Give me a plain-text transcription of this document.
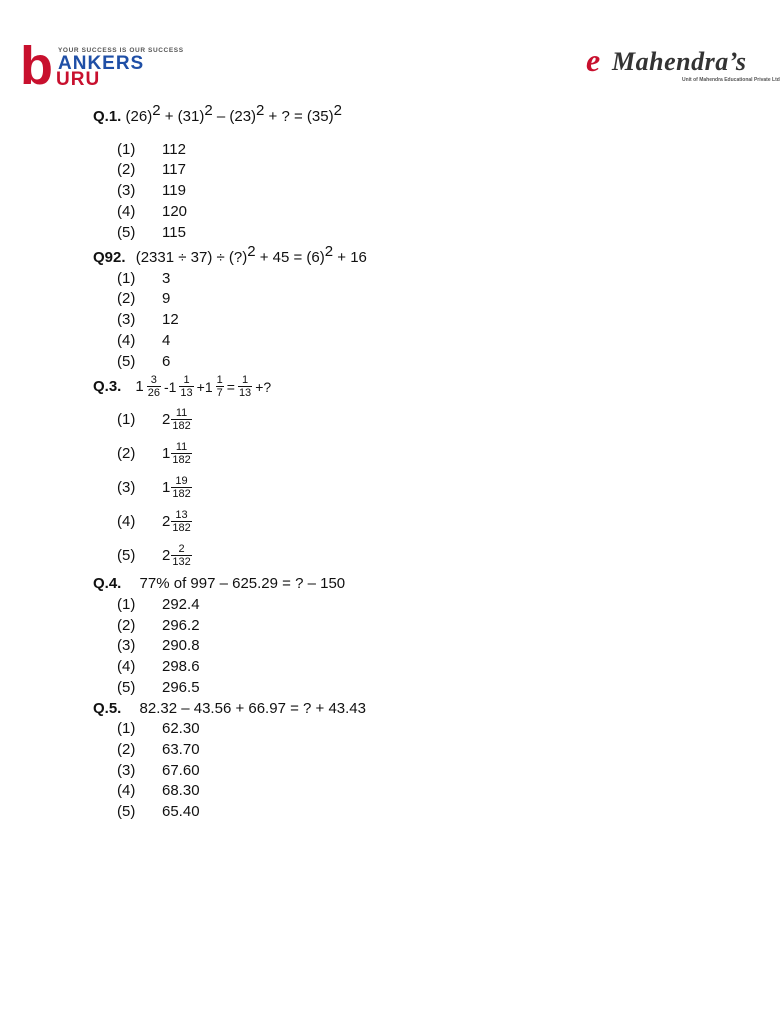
b YOUR SUCCESS IS OUR SUCCESS
ANKERS
URU
e Mahendra’s
Unit of Mahendra Educational Private Ltd
Q.1. $(26)^2 + (31)^2 - (23)^2$ + ? = $(35)^2$
(1) 112
(2) 117
(3) 119
(4) 120
(5) 115
Q92. (2331 ÷ 37) ÷ (?)$^2$ + $45 = (6)^2 + 16$
(1) 3
(2) 9
(3) 12
(4) 4
(5) 6
Q.3. 1 3
26 -1 1
$13 +1 \frac{1}{7} = \frac{1}{13}$ +?
(1)	2 11
182
(2)	1 11
182
(3)	1 19
182
(4)	2 13
182
(5)	2 2
132
Q.4. 77% of 997 – 625.29 = ? – 150
(1) 292.4
(2) 296.2
(3) 290.8
(4) 298.6
(5) 296.5
Q.5. 82.32 – 43.56 + 66.97 = ? + 43.43
(1) 62.30
(2) 63.70
(3) 67.60
(4) 68.30
(5) 65.40
